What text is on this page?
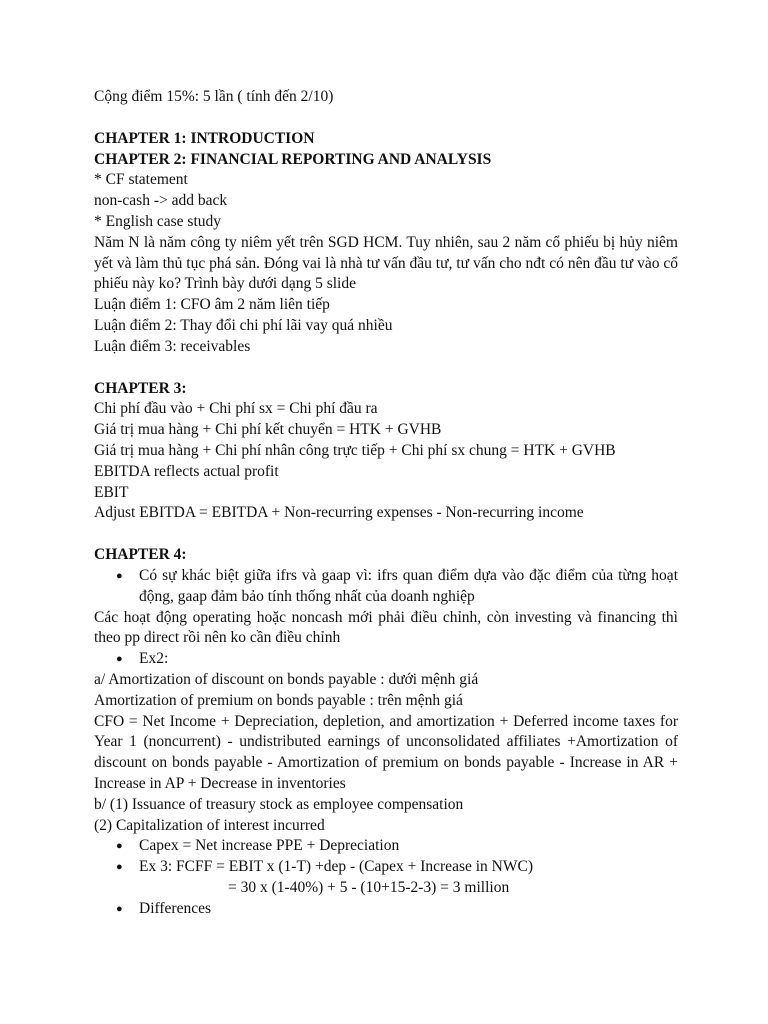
Cộng điểm 15%: 5 lần ( tính đến 2/10)
CHAPTER 1: INTRODUCTION
CHAPTER 2: FINANCIAL REPORTING AND ANALYSIS
* CF statement
non-cash -> add back
* English case study
Năm N là năm công ty niêm yết trên SGD HCM. Tuy nhiên, sau 2 năm cổ phiếu bị hủy niêm yết và làm thủ tục phá sản. Đóng vai là nhà tư vấn đầu tư, tư vấn cho nđt có nên đầu tư vào cổ phiếu này ko? Trình bày dưới dạng 5 slide
Luận điểm 1: CFO âm 2 năm liên tiếp
Luận điểm 2: Thay đổi chi phí lãi vay quá nhiều
Luận điểm 3: receivables
CHAPTER 3:
Chi phí đầu vào + Chi phí sx = Chi phí đầu ra
Giá trị mua hàng + Chi phí kết chuyển = HTK + GVHB
Giá trị mua hàng + Chi phí nhân công trực tiếp + Chi phí sx chung = HTK + GVHB
EBITDA reflects actual profit
EBIT
Adjust EBITDA = EBITDA + Non-recurring expenses - Non-recurring income
CHAPTER 4:
● Có sự khác biệt giữa ifrs và gaap vì: ifrs quan điểm dựa vào đặc điểm của từng hoạt động, gaap đảm bảo tính thống nhất của doanh nghiệp
Các hoạt động operating hoặc noncash mới phải điều chỉnh, còn investing và financing thì theo pp direct rồi nên ko cần điều chỉnh
● Ex2:
a/ Amortization of discount on bonds payable : dưới mệnh giá
Amortization of premium on bonds payable : trên mệnh giá
CFO = Net Income + Depreciation, depletion, and amortization + Deferred income taxes for Year 1 (noncurrent) - undistributed earnings of unconsolidated affiliates +Amortization of discount on bonds payable - Amortization of premium on bonds payable - Increase in AR + Increase in AP + Decrease in inventories
b/ (1) Issuance of treasury stock as employee compensation
(2) Capitalization of interest incurred
● Capex = Net increase PPE + Depreciation
● Ex 3: FCFF = EBIT x (1-T) +dep - (Capex + Increase in NWC)
= 30 x (1-40%) + 5 - (10+15-2-3) = 3 million
● Differences
